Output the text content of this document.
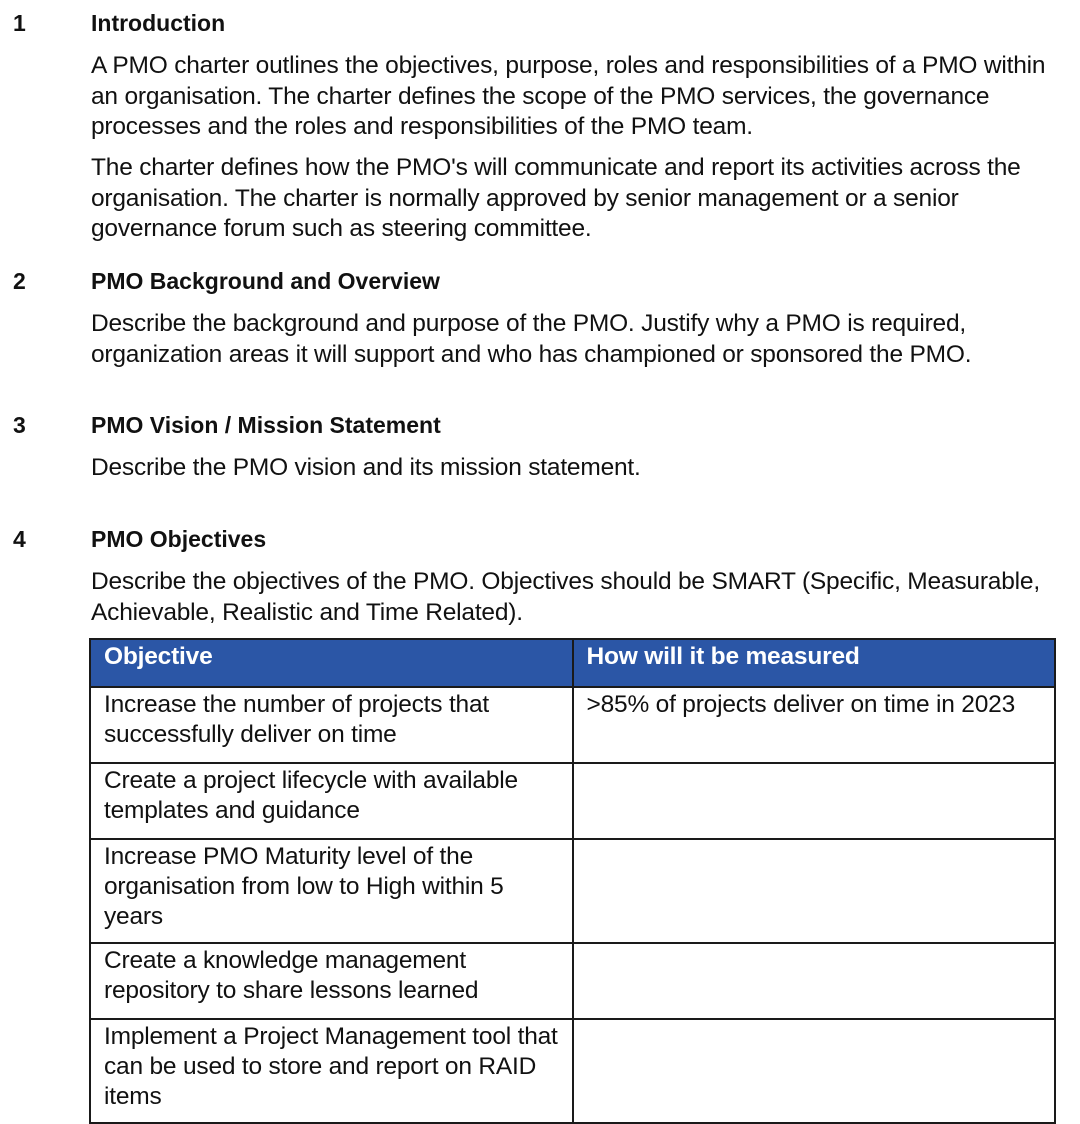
1	Introduction
A PMO charter outlines the objectives, purpose, roles and responsibilities of a PMO within an organisation. The charter defines the scope of the PMO services, the governance processes and the roles and responsibilities of the PMO team.
The charter defines how the PMO's will communicate and report its activities across the organisation. The charter is normally approved by senior management or a senior governance forum such as steering committee.
2	PMO Background and Overview
Describe the background and purpose of the PMO. Justify why a PMO is required, organization areas it will support and who has championed or sponsored the PMO.
3	PMO Vision / Mission Statement
Describe the PMO vision and its mission statement.
4	PMO Objectives
Describe the objectives of the PMO. Objectives should be SMART (Specific, Measurable, Achievable, Realistic and Time Related).
Objective	How will it be measured
Increase the number of projects that successfully deliver on time	>85% of projects deliver on time in 2023
Create a project lifecycle with available templates and guidance	
Increase PMO Maturity level of the organisation from low to High within 5 years	
Create a knowledge management repository to share lessons learned	
Implement a Project Management tool that can be used to store and report on RAID items	
